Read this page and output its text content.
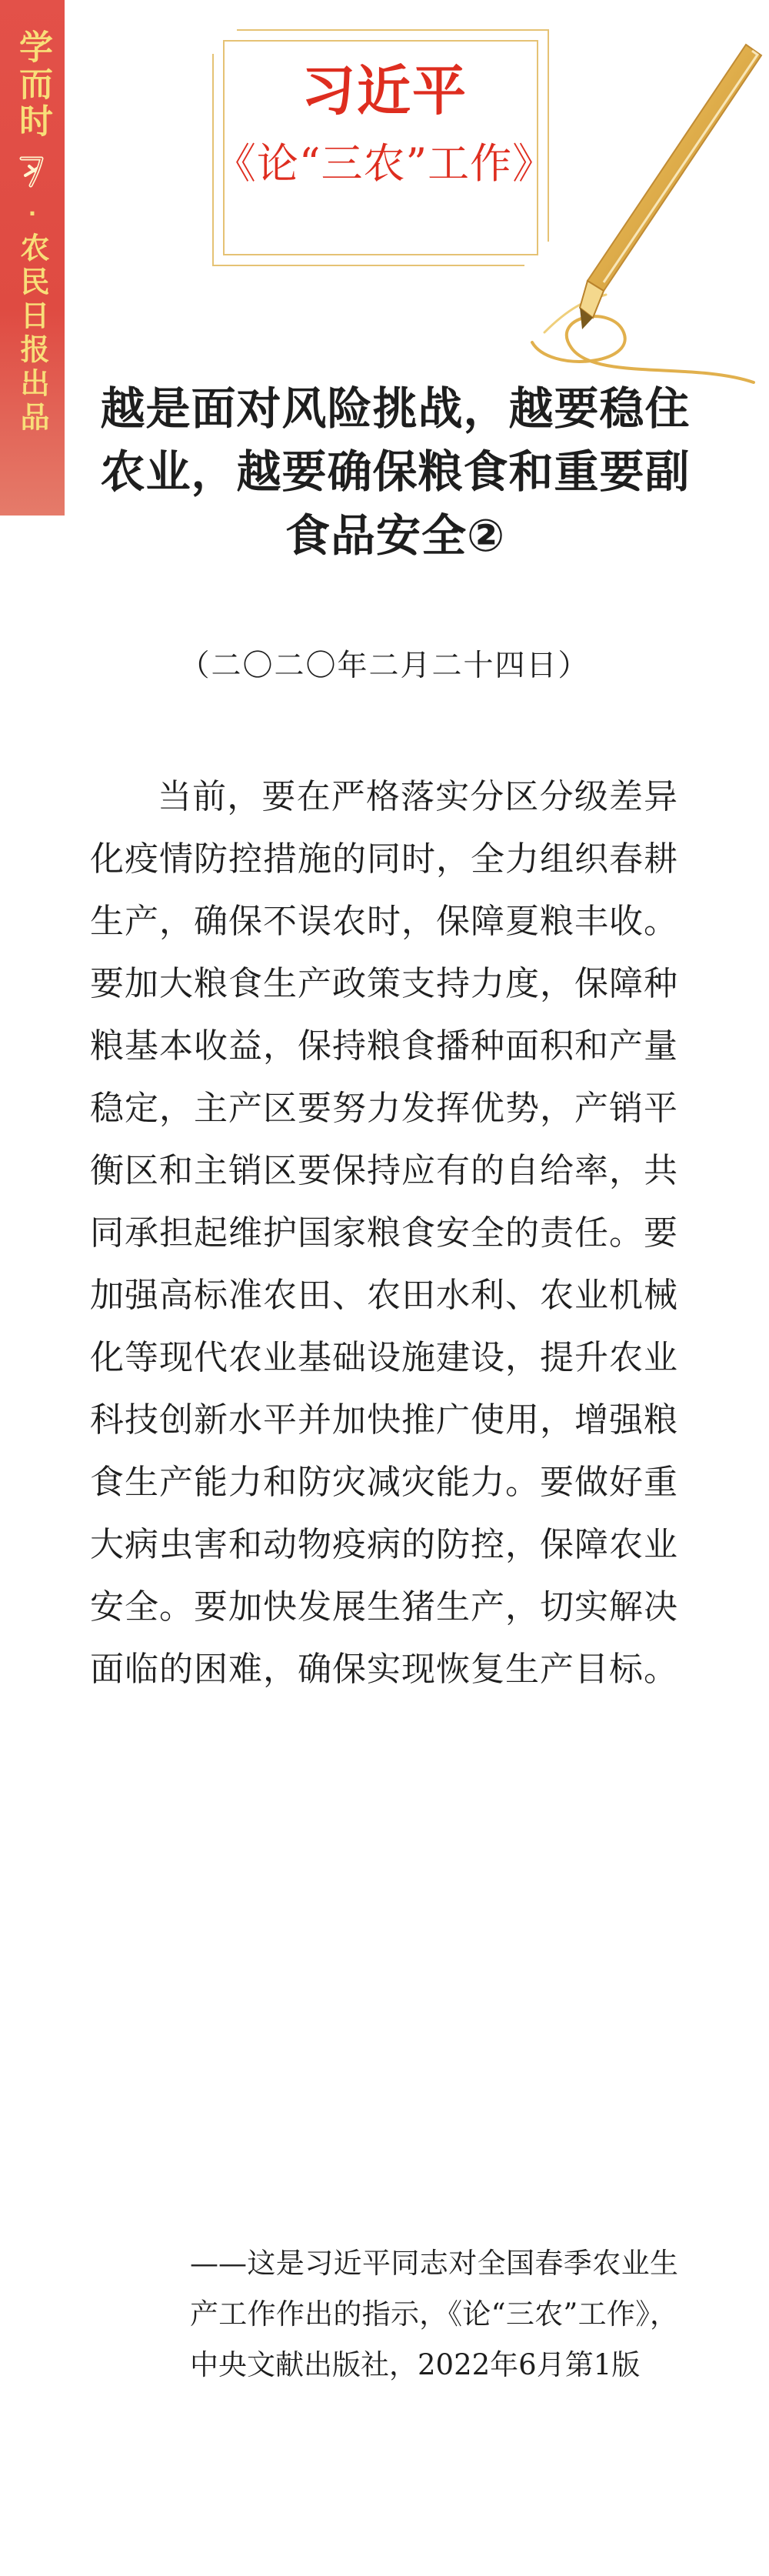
学而时
·
农民日报出品
习近平
《论“三农”工作》
越是面对风险挑战，越要稳住农业，越要确保粮食和重要副食品安全②
（二〇二〇年二月二十四日）
当前，要在严格落实分区分级差异化疫情防控措施的同时，全力组织春耕生产，确保不误农时，保障夏粮丰收。要加大粮食生产政策支持力度，保障种粮基本收益，保持粮食播种面积和产量稳定，主产区要努力发挥优势，产销平衡区和主销区要保持应有的自给率，共同承担起维护国家粮食安全的责任。要加强高标准农田、农田水利、农业机械化等现代农业基础设施建设，提升农业科技创新水平并加快推广使用，增强粮食生产能力和防灾减灾能力。要做好重大病虫害和动物疫病的防控，保障农业安全。要加快发展生猪生产，切实解决面临的困难，确保实现恢复生产目标。
——这是习近平同志对全国春季农业生产工作作出的指示，《论“三农”工作》，中央文献出版社，2022年6月第1版
